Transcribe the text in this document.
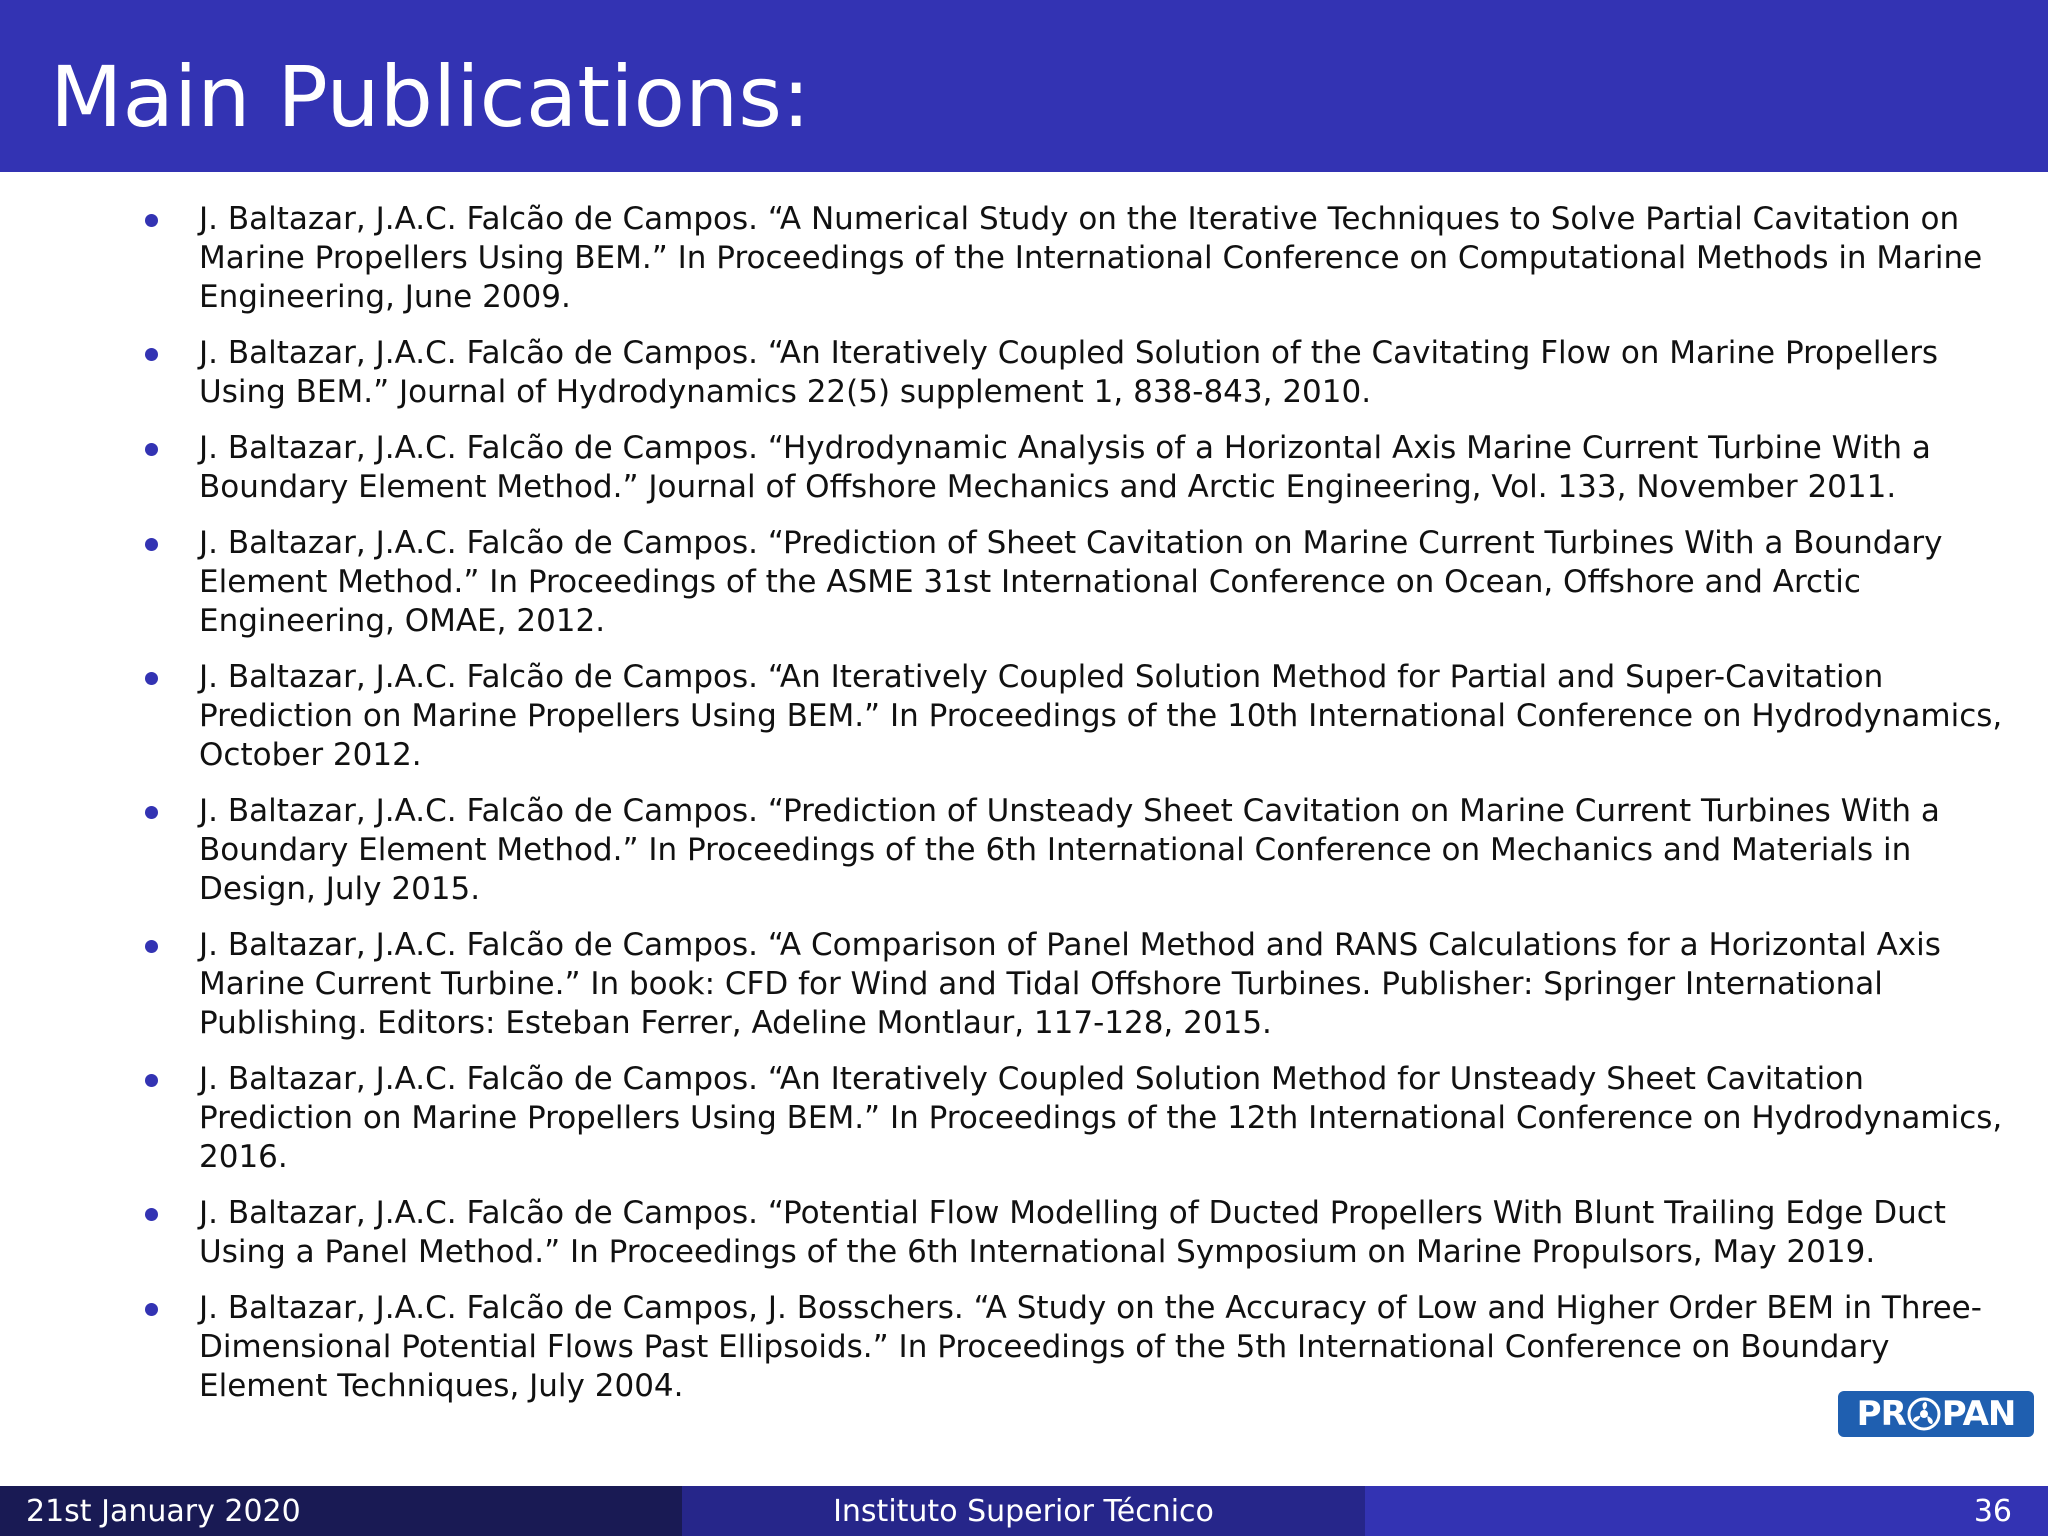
Main Publications:
J. Baltazar, J.A.C. Falcão de Campos. “A Numerical Study on the Iterative Techniques to Solve Partial Cavitation on Marine Propellers Using BEM.” In Proceedings of the International Conference on Computational Methods in Marine Engineering, June 2009.
J. Baltazar, J.A.C. Falcão de Campos. “An Iteratively Coupled Solution of the Cavitating Flow on Marine Propellers Using BEM.” Journal of Hydrodynamics 22(5) supplement 1, 838-843, 2010.
J. Baltazar, J.A.C. Falcão de Campos. “Hydrodynamic Analysis of a Horizontal Axis Marine Current Turbine With a Boundary Element Method.” Journal of Offshore Mechanics and Arctic Engineering, Vol. 133, November 2011.
J. Baltazar, J.A.C. Falcão de Campos. “Prediction of Sheet Cavitation on Marine Current Turbines With a Boundary Element Method.” In Proceedings of the ASME 31st International Conference on Ocean, Offshore and Arctic Engineering, OMAE, 2012.
J. Baltazar, J.A.C. Falcão de Campos. “An Iteratively Coupled Solution Method for Partial and Super-Cavitation Prediction on Marine Propellers Using BEM.” In Proceedings of the 10th International Conference on Hydrodynamics, October 2012.
J. Baltazar, J.A.C. Falcão de Campos. “Prediction of Unsteady Sheet Cavitation on Marine Current Turbines With a Boundary Element Method.” In Proceedings of the 6th International Conference on Mechanics and Materials in Design, July 2015.
J. Baltazar, J.A.C. Falcão de Campos. “A Comparison of Panel Method and RANS Calculations for a Horizontal Axis Marine Current Turbine.” In book: CFD for Wind and Tidal Offshore Turbines. Publisher: Springer International Publishing. Editors: Esteban Ferrer, Adeline Montlaur, 117-128, 2015.
J. Baltazar, J.A.C. Falcão de Campos. “An Iteratively Coupled Solution Method for Unsteady Sheet Cavitation Prediction on Marine Propellers Using BEM.” In Proceedings of the 12th International Conference on Hydrodynamics, 2016.
J. Baltazar, J.A.C. Falcão de Campos. “Potential Flow Modelling of Ducted Propellers With Blunt Trailing Edge Duct Using a Panel Method.” In Proceedings of the 6th International Symposium on Marine Propulsors, May 2019.
J. Baltazar, J.A.C. Falcão de Campos, J. Bosschers. “A Study on the Accuracy of Low and Higher Order BEM in Three-Dimensional Potential Flows Past Ellipsoids.” In Proceedings of the 5th International Conference on Boundary Element Techniques, July 2004.
PR PAN
21st January 2020	Instituto Superior Técnico	36
